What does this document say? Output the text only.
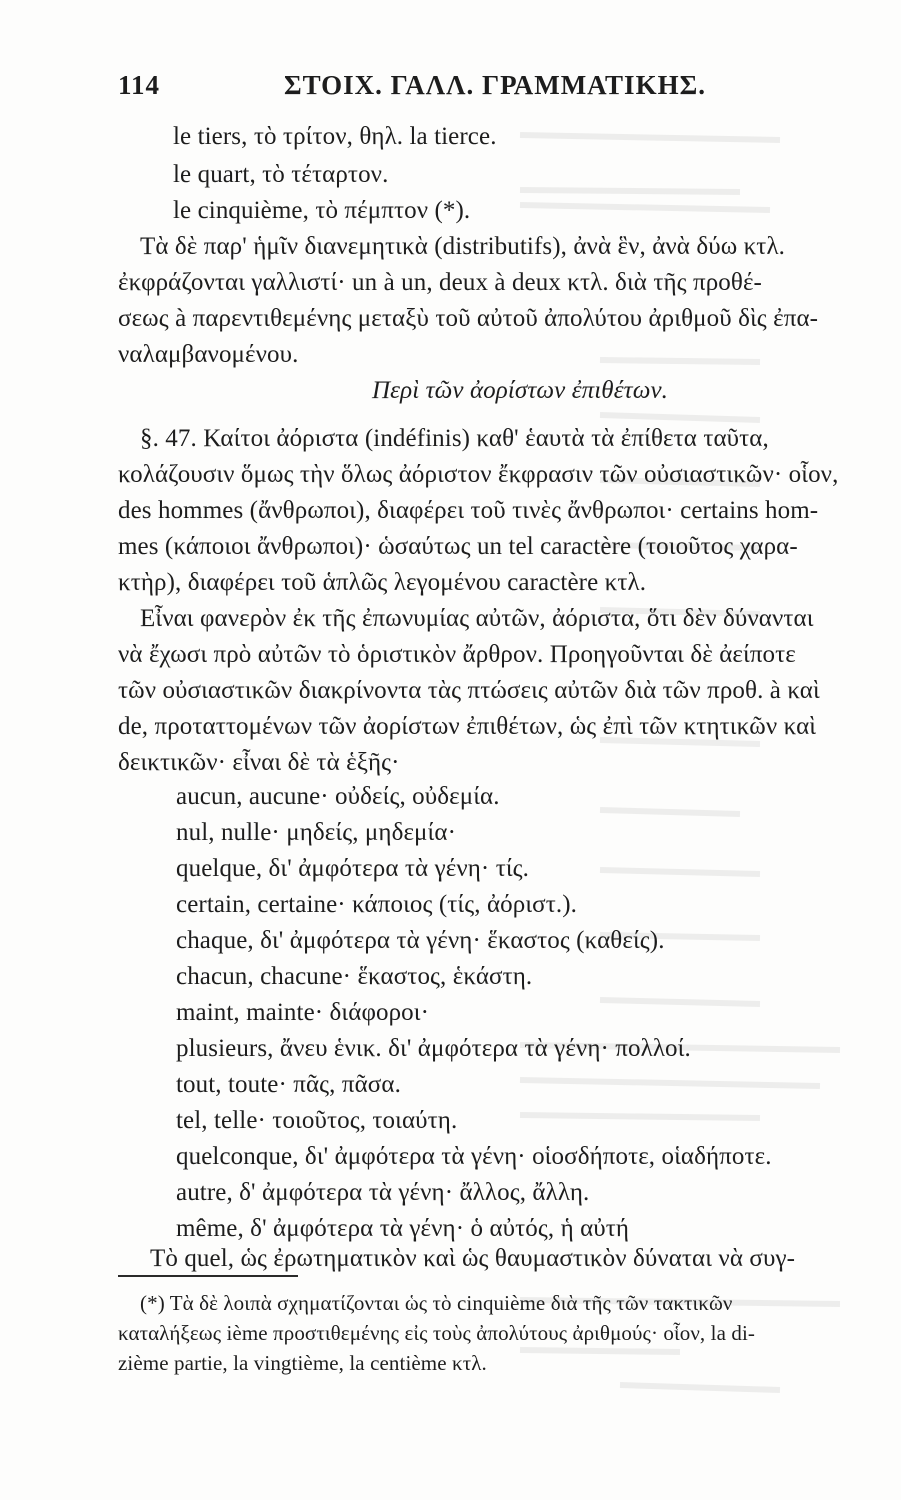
114	ΣΤΟΙΧ. ΓΑΛΛ. ΓΡΑΜΜΑΤΙΚΗΣ.
le tiers, τὸ τρίτον, θηλ. la tierce.
le quart, τὸ τέταρτον.
le cinquième, τὸ πέμπτον (*).
Τὰ δὲ παρ' ἡμῖν διανεμητικὰ (distributifs), ἀνὰ ἓν, ἀνὰ δύω κτλ.
ἐκφράζονται γαλλιστί· un à un, deux à deux κτλ. διὰ τῆς προθέ-
σεως à παρεντιθεμένης μεταξὺ τοῦ αὐτοῦ ἀπολύτου ἀριθμοῦ δὶς ἐπα-
ναλαμβανομένου.
Περὶ τῶν ἀορίστων ἐπιθέτων.
§. 47. Καίτοι ἀόριστα (indéfinis) καθ' ἑαυτὰ τὰ ἐπίθετα ταῦτα,
κολάζουσιν ὅμως τὴν ὅλως ἀόριστον ἔκφρασιν τῶν οὐσιαστικῶν· οἷον,
des hommes (ἄνθρωποι), διαφέρει τοῦ τινὲς ἄνθρωποι· certains hom-
mes (κάποιοι ἄνθρωποι)· ὡσαύτως un tel caractère (τοιοῦτος χαρα-
κτὴρ), διαφέρει τοῦ ἁπλῶς λεγομένου caractère κτλ.
Εἶναι φανερὸν ἐκ τῆς ἐπωνυμίας αὐτῶν, ἀόριστα, ὅτι δὲν δύνανται
νὰ ἔχωσι πρὸ αὐτῶν τὸ ὁριστικὸν ἄρθρον. Προηγοῦνται δὲ ἀείποτε
τῶν οὐσιαστικῶν διακρίνοντα τὰς πτώσεις αὐτῶν διὰ τῶν προθ. à καὶ
de, προταττομένων τῶν ἀορίστων ἐπιθέτων, ὡς ἐπὶ τῶν κτητικῶν καὶ
δεικτικῶν· εἶναι δὲ τὰ ἑξῆς·
aucun, aucune· οὐδείς, οὐδεμία.
nul, nulle· μηδείς, μηδεμία·
quelque, δι' ἀμφότερα τὰ γένη· τίς.
certain, certaine· κάποιος (τίς, ἀόριστ.).
chaque, δι' ἀμφότερα τὰ γένη· ἕκαστος (καθείς).
chacun, chacune· ἕκαστος, ἑκάστη.
maint, mainte· διάφοροι·
plusieurs, ἄνευ ἑνικ. δι' ἀμφότερα τὰ γένη· πολλοί.
tout, toute· πᾶς, πᾶσα.
tel, telle· τοιοῦτος, τοιαύτη.
quelconque, δι' ἀμφότερα τὰ γένη· οἱοσδήποτε, οἱαδήποτε.
autre, δ' ἀμφότερα τὰ γένη· ἄλλος, ἄλλη.
même, δ' ἀμφότερα τὰ γένη· ὁ αὐτός, ἡ αὐτή
Τὸ quel, ὡς ἐρωτηματικὸν καὶ ὡς θαυμαστικὸν δύναται νὰ συγ-
(*) Τὰ δὲ λοιπὰ σχηματίζονται ὡς τὸ cinquième διὰ τῆς τῶν τακτικῶν
καταλήξεως ième προστιθεμένης εἰς τοὺς ἀπολύτους ἀριθμούς· οἷον, la di-
zième partie, la vingtième, la centième κτλ.
